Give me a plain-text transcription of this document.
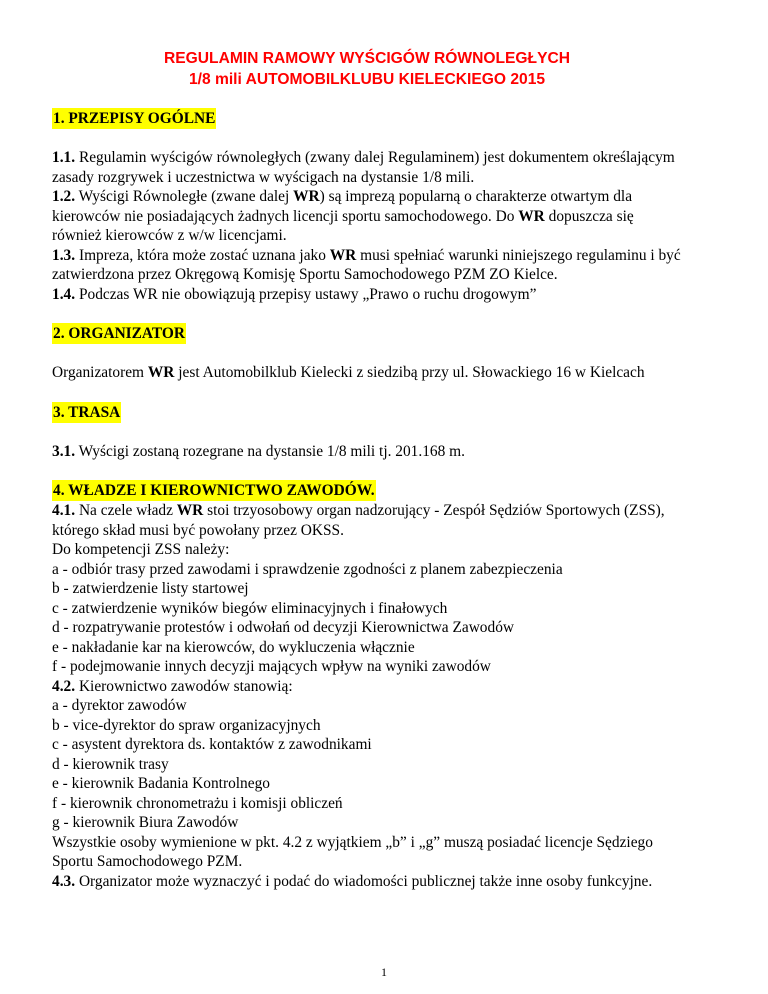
REGULAMIN RAMOWY WYŚCIGÓW RÓWNOLEGŁYCH
1/8 mili AUTOMOBILKLUBU KIELECKIEGO 2015
1. PRZEPISY OGÓLNE

1.1. Regulamin wyścigów równoległych (zwany dalej Regulaminem) jest dokumentem określającym zasady rozgrywek i uczestnictwa w wyścigach na dystansie 1/8 mili.

1.2. Wyścigi Równoległe (zwane dalej WR) są imprezą popularną o charakterze otwartym dla kierowców nie posiadających żadnych licencji sportu samochodowego. Do WR dopuszcza się również kierowców z w/w licencjami.

1.3. Impreza, która może zostać uznana jako WR musi spełniać warunki niniejszego regulaminu i być zatwierdzona przez Okręgową Komisję Sportu Samochodowego PZM ZO Kielce.

1.4. Podczas WR nie obowiązują przepisy ustawy „Prawo o ruchu drogowym”

2. ORGANIZATOR

Organizatorem WR jest Automobilklub Kielecki z siedzibą przy ul. Słowackiego 16 w Kielcach

3. TRASA

3.1. Wyścigi zostaną rozegrane na dystansie 1/8 mili tj. 201.168 m.

4. WŁADZE I KIEROWNICTWO ZAWODÓW.

4.1. Na czele władz WR stoi trzyosobowy organ nadzorujący - Zespół Sędziów Sportowych (ZSS), którego skład musi być powołany przez OKSS.

Do kompetencji ZSS należy:

a - odbiór trasy przed zawodami i sprawdzenie zgodności z planem zabezpieczenia

b - zatwierdzenie listy startowej

c - zatwierdzenie wyników biegów eliminacyjnych i finałowych

d - rozpatrywanie protestów i odwołań od decyzji Kierownictwa Zawodów

e - nakładanie kar na kierowców, do wykluczenia włącznie

f - podejmowanie innych decyzji mających wpływ na wyniki zawodów

4.2. Kierownictwo zawodów stanowią:

a - dyrektor zawodów

b - vice-dyrektor do spraw organizacyjnych

c - asystent dyrektora ds. kontaktów z zawodnikami

d - kierownik trasy

e - kierownik Badania Kontrolnego

f - kierownik chronometrażu i komisji obliczeń

g - kierownik Biura Zawodów

Wszystkie osoby wymienione w pkt. 4.2 z wyjątkiem „b” i „g” muszą posiadać licencje Sędziego Sportu Samochodowego PZM.

4.3. Organizator może wyznaczyć i podać do wiadomości publicznej także inne osoby funkcyjne.

1
